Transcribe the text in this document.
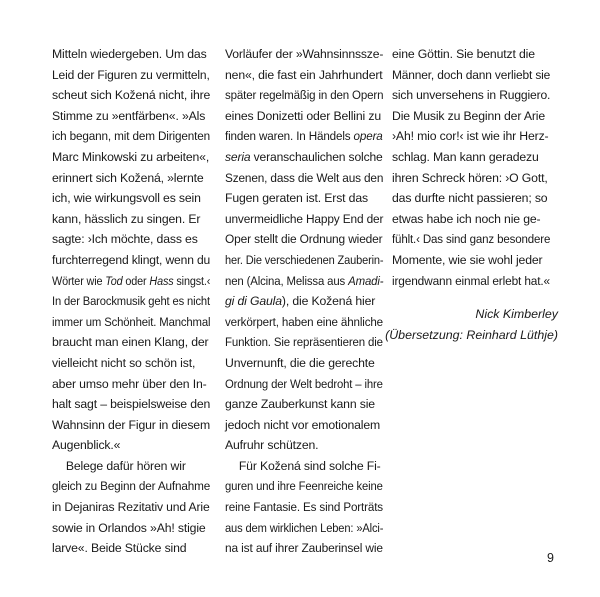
Mitteln wiedergeben. Um das
Leid der Figuren zu vermitteln,
scheut sich Kožená nicht, ihre
Stimme zu »entfärben«. »Als
ich begann, mit dem Dirigenten
Marc Minkowski zu arbeiten«,
erinnert sich Kožená, »lernte
ich, wie wirkungsvoll es sein
kann, hässlich zu singen. Er
sagte: ›Ich möchte, dass es
furchterregend klingt, wenn du
Wörter wie Tod oder Hass singst.‹
In der Barockmusik geht es nicht
immer um Schönheit. Manchmal
braucht man einen Klang, der
vielleicht nicht so schön ist,
aber umso mehr über den In-
halt sagt – beispielsweise den
Wahnsinn der Figur in diesem
Augenblick.«
Belege dafür hören wir
gleich zu Beginn der Aufnahme
in Dejaniras Rezitativ und Arie
sowie in Orlandos »Ah! stigie
larve«. Beide Stücke sind
Vorläufer der »Wahnsinnssze-
nen«, die fast ein Jahrhundert
später regelmäßig in den Opern
eines Donizetti oder Bellini zu
finden waren. In Händels opera
seria veranschaulichen solche
Szenen, dass die Welt aus den
Fugen geraten ist. Erst das
unvermeidliche Happy End der
Oper stellt die Ordnung wieder
her. Die verschiedenen Zauberin-
nen (Alcina, Melissa aus Amadi-
gi di Gaula), die Kožená hier
verkörpert, haben eine ähnliche
Funktion. Sie repräsentieren die
Unvernunft, die die gerechte
Ordnung der Welt bedroht – ihre
ganze Zauberkunst kann sie
jedoch nicht vor emotionalem
Aufruhr schützen.
Für Kožená sind solche Fi-
guren und ihre Feenreiche keine
reine Fantasie. Es sind Porträts
aus dem wirklichen Leben: »Alci-
na ist auf ihrer Zauberinsel wie
eine Göttin. Sie benutzt die
Männer, doch dann verliebt sie
sich unversehens in Ruggiero.
Die Musik zu Beginn der Arie
›Ah! mio cor!‹ ist wie ihr Herz-
schlag. Man kann geradezu
ihren Schreck hören: ›O Gott,
das durfte nicht passieren; so
etwas habe ich noch nie ge-
fühlt.‹ Das sind ganz besondere
Momente, wie sie wohl jeder
irgendwann einmal erlebt hat.«
Nick Kimberley
(Übersetzung: Reinhard Lüthje)
9
